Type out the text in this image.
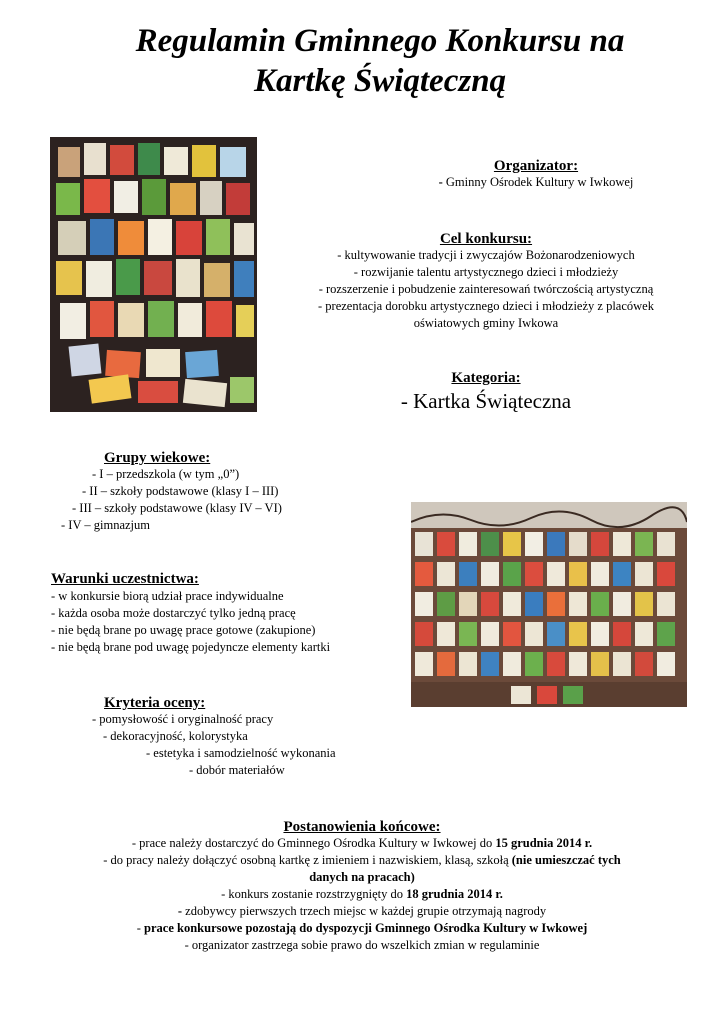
Regulamin Gminnego Konkursu na
Kartkę Świąteczną
Organizator:
- Gminny Ośrodek Kultury w Iwkowej
Cel konkursu:
- kultywowanie tradycji i zwyczajów Bożonarodzeniowych
- rozwijanie talentu artystycznego dzieci i młodzieży
- rozszerzenie i pobudzenie zainteresowań twórczością artystyczną
- prezentacja dorobku artystycznego dzieci i młodzieży z placówek
oświatowych gminy Iwkowa
Kategoria:
- Kartka Świąteczna
Grupy wiekowe:
- I – przedszkola (w tym „0”)
- II – szkoły podstawowe (klasy I – III)
- III – szkoły podstawowe (klasy IV – VI)
- IV – gimnazjum
Warunki uczestnictwa:
- w konkursie biorą udział prace indywidualne
- każda osoba może dostarczyć tylko jedną pracę
- nie będą brane po uwagę prace gotowe (zakupione)
- nie będą brane pod uwagę pojedyncze elementy kartki
Kryteria oceny:
- pomysłowość i oryginalność pracy
- dekoracyjność, kolorystyka
- estetyka i samodzielność wykonania
- dobór materiałów
Postanowienia końcowe:
- prace należy dostarczyć do Gminnego Ośrodka Kultury w Iwkowej do 15 grudnia 2014 r.
- do pracy należy dołączyć osobną kartkę z imieniem i nazwiskiem, klasą, szkołą (nie umieszczać tych
danych na pracach)
- konkurs zostanie rozstrzygnięty do 18 grudnia 2014 r.
- zdobywcy pierwszych trzech miejsc w każdej grupie otrzymają nagrody
- prace konkursowe pozostają do dyspozycji Gminnego Ośrodka Kultury w Iwkowej
- organizator zastrzega sobie prawo do wszelkich zmian w regulaminie
